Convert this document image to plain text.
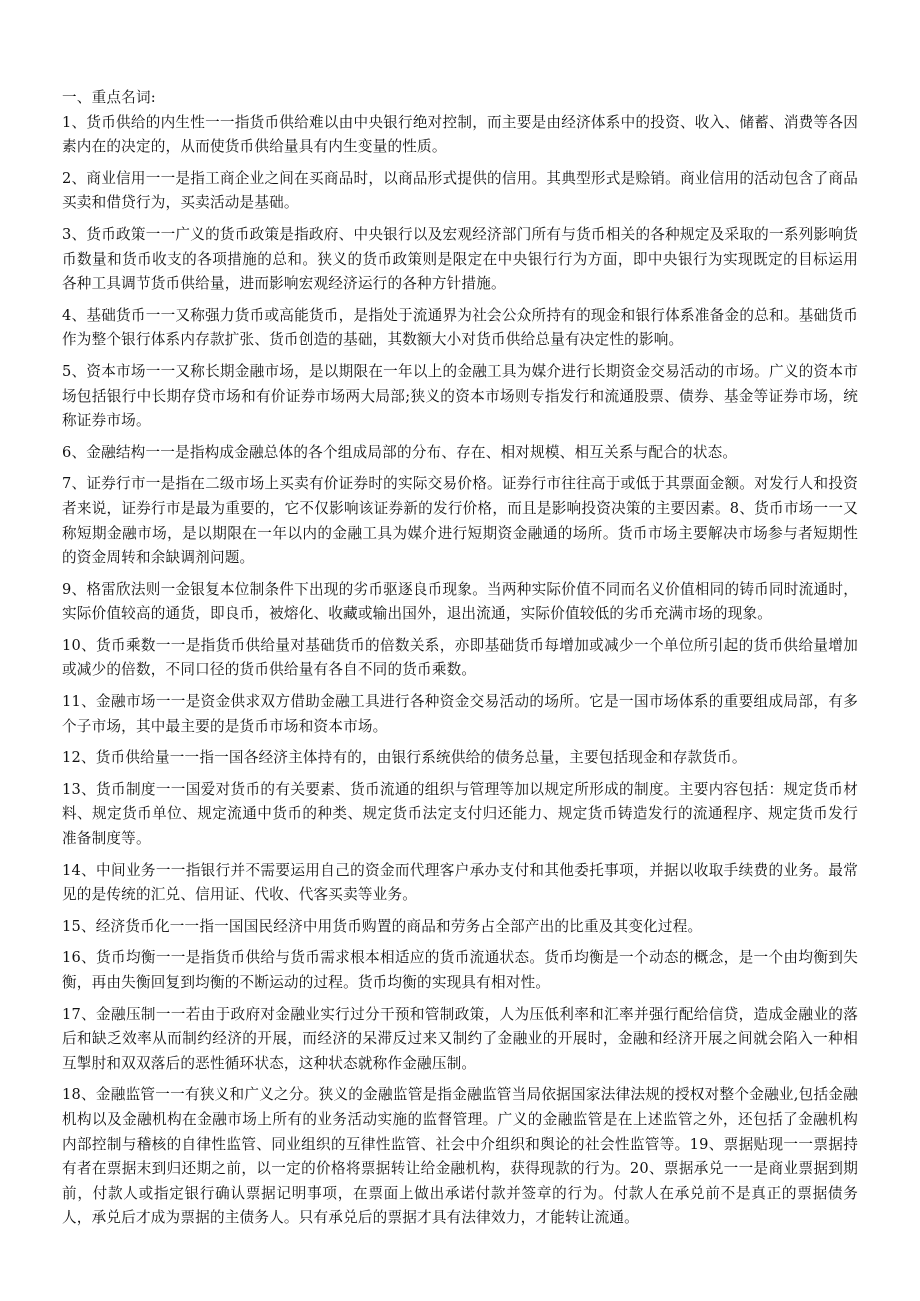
一、重点名词:

1、货币供给的内生性一一指货币供给难以由中央银行绝对控制，而主要是由经济体系中的投资、收入、储蓄、消费等各因素内在的决定的，从而使货币供给量具有内生变量的性质。

2、商业信用一一是指工商企业之间在买商品时，以商品形式提供的信用。其典型形式是赊销。商业信用的活动包含了商品买卖和借贷行为，买卖活动是基础。

3、货币政策一一广义的货币政策是指政府、中央银行以及宏观经济部门所有与货币相关的各种规定及采取的一系列影响货币数量和货币收支的各项措施的总和。狭义的货币政策则是限定在中央银行行为方面，即中央银行为实现既定的目标运用各种工具调节货币供给量，进而影响宏观经济运行的各种方针措施。

4、基础货币一一又称强力货币或高能货币，是指处于流通界为社会公众所持有的现金和银行体系准备金的总和。基础货币作为整个银行体系内存款扩张、货币创造的基础，其数额大小对货币供给总量有决定性的影响。

5、资本市场一一又称长期金融市场，是以期限在一年以上的金融工具为媒介进行长期资金交易活动的市场。广义的资本市场包括银行中长期存贷市场和有价证券市场两大局部;狭义的资本市场则专指发行和流通股票、债券、基金等证券市场，统称证券市场。

6、金融结构一一是指构成金融总体的各个组成局部的分布、存在、相对规模、相互关系与配合的状态。

7、证券行市一是指在二级市场上买卖有价证券时的实际交易价格。证券行市往往高于或低于其票面金额。对发行人和投资者来说，证券行市是最为重要的，它不仅影响该证券新的发行价格，而且是影响投资决策的主要因素。8、货币市场一一又称短期金融市场，是以期限在一年以内的金融工具为媒介进行短期资金融通的场所。货币市场主要解决市场参与者短期性的资金周转和余缺调剂问题。

9、格雷欣法则一金银复本位制条件下出现的劣币驱逐良币现象。当两种实际价值不同而名义价值相同的铸币同时流通时，实际价值较高的通货，即良币，被熔化、收藏或输出国外，退出流通，实际价值较低的劣币充满市场的现象。

10、货币乘数一一是指货币供给量对基础货币的倍数关系，亦即基础货币每增加或减少一个单位所引起的货币供给量增加或减少的倍数，不同口径的货币供给量有各自不同的货币乘数。

11、金融市场一一是资金供求双方借助金融工具进行各种资金交易活动的场所。它是一国市场体系的重要组成局部，有多个子市场，其中最主要的是货币市场和资本市场。

12、货币供给量一一指一国各经济主体持有的，由银行系统供给的债务总量，主要包括现金和存款货币。

13、货币制度一一国爱对货币的有关要素、货币流通的组织与管理等加以规定所形成的制度。主要内容包括：规定货币材料、规定货币单位、规定流通中货币的种类、规定货币法定支付归还能力、规定货币铸造发行的流通程序、规定货币发行准备制度等。

14、中间业务一一指银行并不需要运用自己的资金而代理客户承办支付和其他委托事项，并据以收取手续费的业务。最常见的是传统的汇兑、信用证、代收、代客买卖等业务。

15、经济货币化一一指一国国民经济中用货币购置的商品和劳务占全部产出的比重及其变化过程。

16、货币均衡一一是指货币供给与货币需求根本相适应的货币流通状态。货币均衡是一个动态的概念，是一个由均衡到失衡，再由失衡回复到均衡的不断运动的过程。货币均衡的实现具有相对性。

17、金融压制一一若由于政府对金融业实行过分干预和管制政策，人为压低利率和汇率并强行配给信贷，造成金融业的落后和缺乏效率从而制约经济的开展，而经济的呆滞反过来又制约了金融业的开展时，金融和经济开展之间就会陷入一种相互掣肘和双双落后的恶性循环状态，这种状态就称作金融压制。

18、金融监管一一有狭义和广义之分。狭义的金融监管是指金融监管当局依据国家法律法规的授权对整个金融业,包括金融机构以及金融机构在金融市场上所有的业务活动实施的监督管理。广义的金融监管是在上述监管之外，还包括了金融机构内部控制与稽核的自律性监管、同业组织的互律性监管、社会中介组织和舆论的社会性监管等。19、票据贴现一一票据持有者在票据末到归还期之前，以一定的价格将票据转让给金融机构，获得现款的行为。20、票据承兑一一是商业票据到期前，付款人或指定银行确认票据记明事项，在票面上做出承诺付款并签章的行为。付款人在承兑前不是真正的票据债务人，承兑后才成为票据的主债务人。只有承兑后的票据才具有法律效力，才能转让流通。
